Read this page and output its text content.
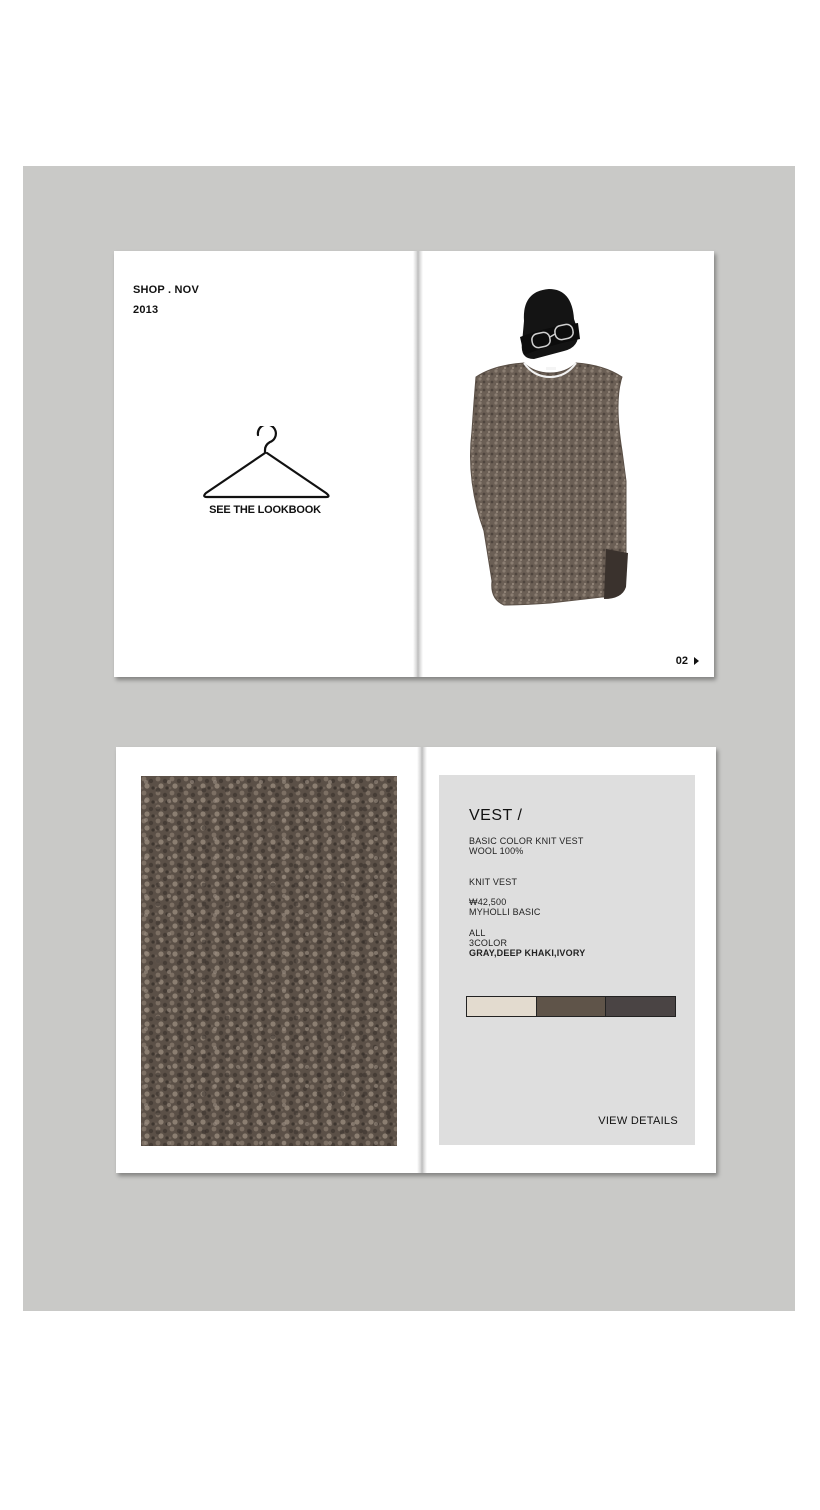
SHOP . NOV
2013
SEE THE LOOKBOOK
02
VEST /
BASIC COLOR KNIT VEST
WOOL 100%
KNIT VEST
₩42,500
MYHOLLI BASIC
ALL
3COLOR
GRAY,DEEP KHAKI,IVORY
VIEW DETAILS
